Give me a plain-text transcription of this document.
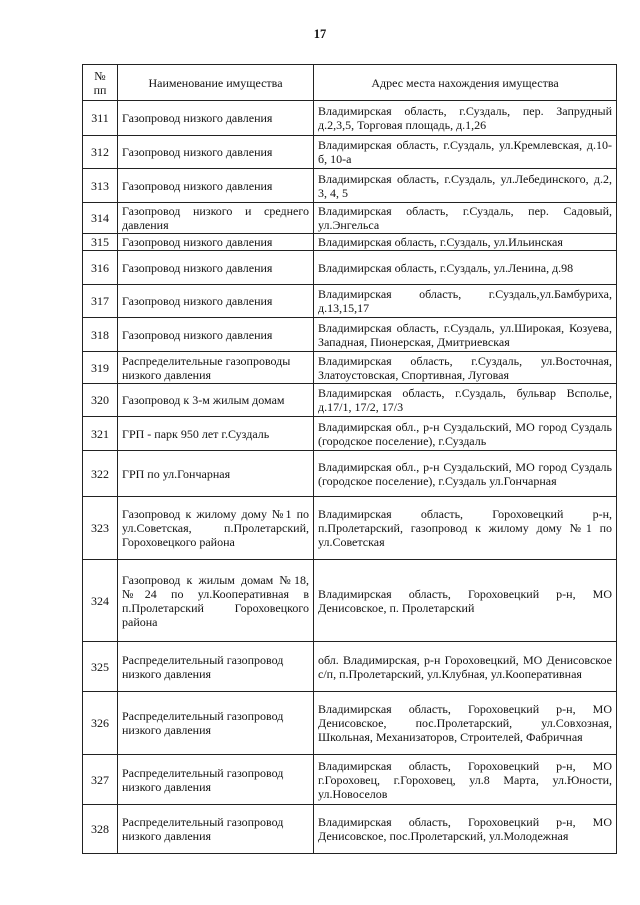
17
№ пп	Наименование имущества	Адрес места нахождения имущества
311	Газопровод низкого давления	Владимирская область, г.Суздаль, пер. Запрудный д.2,3,5, Торговая площадь, д.1,26
312	Газопровод низкого давления	Владимирская область, г.Суздаль, ул.Кремлевская, д.10-б, 10-а
313	Газопровод низкого давления	Владимирская область, г.Суздаль, ул.Лебединского, д.2, 3, 4, 5
314	Газопровод низкого и среднего давления	Владимирская область, г.Суздаль, пер. Садовый, ул.Энгельса
315	Газопровод низкого давления	Владимирская область, г.Суздаль, ул.Ильинская
316	Газопровод низкого давления	Владимирская область, г.Суздаль, ул.Ленина, д.98
317	Газопровод низкого давления	Владимирская область, г.Суздаль,ул.Бамбуриха, д.13,15,17
318	Газопровод низкого давления	Владимирская область, г.Суздаль, ул.Широкая, Козуева, Западная, Пионерская, Дмитриевская
319	Распределительные газопроводы низкого давления	Владимирская область, г.Суздаль, ул.Восточная, Златоустовская, Спортивная, Луговая
320	Газопровод к 3-м жилым домам	Владимирская область, г.Суздаль, бульвар Всполье, д.17/1, 17/2, 17/3
321	ГРП - парк 950 лет г.Суздаль	Владимирская обл., р-н Суздальский, МО город Суздаль (городское поселение), г.Суздаль
322	ГРП по ул.Гончарная	Владимирская обл., р-н Суздальский, МО город Суздаль (городское поселение), г.Суздаль ул.Гончарная
323	Газопровод к жилому дому №1 по ул.Советская, п.Пролетарский, Гороховецкого района	Владимирская область, Гороховецкий р-н, п.Пролетарский, газопровод к жилому дому №1 по ул.Советская
324	Газопровод к жилым домам №18, №24 по ул.Кооперативная в п.Пролетарский Гороховецкого района	Владимирская область, Гороховецкий р-н, МО Денисовское, п. Пролетарский
325	Распределительный газопровод низкого давления	обл. Владимирская, р-н Гороховецкий, МО Денисовское с/п, п.Пролетарский, ул.Клубная, ул.Кооперативная
326	Распределительный газопровод низкого давления	Владимирская область, Гороховецкий р-н, МО Денисовское, пос.Пролетарский, ул.Совхозная, Школьная, Механизаторов, Строителей, Фабричная
327	Распределительный газопровод низкого давления	Владимирская область, Гороховецкий р-н, МО г.Гороховец, г.Гороховец, ул.8 Марта, ул.Юности, ул.Новоселов
328	Распределительный газопровод низкого давления	Владимирская область, Гороховецкий р-н, МО Денисовское, пос.Пролетарский, ул.Молодежная
